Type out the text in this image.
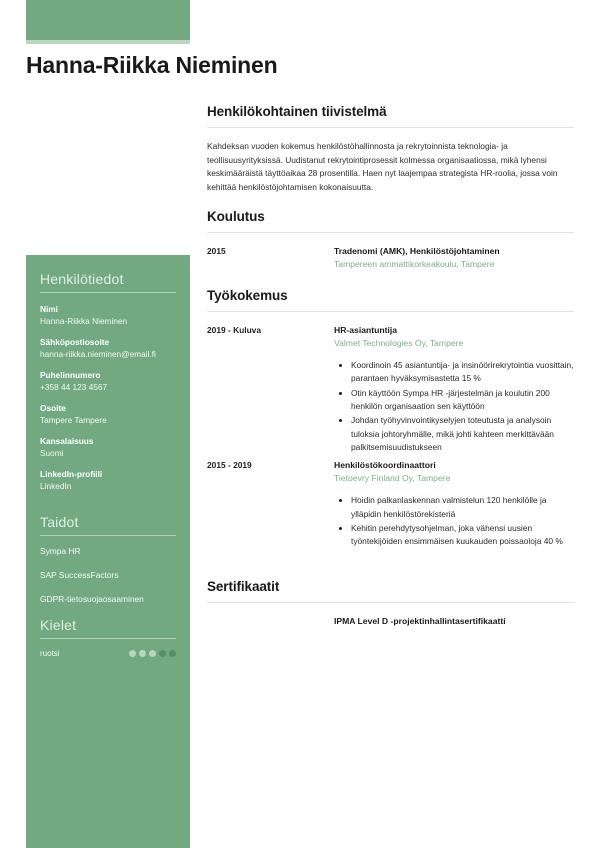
Hanna-Riikka Nieminen
Henkilötiedot
Nimi
Hanna-Riikka Nieminen
Sähköpostiosoite
hanna-riikka.nieminen@email.fi
Puhelinnumero
+358 44 123 4567
Osoite
Tampere Tampere
Kansalaisuus
Suomi
LinkedIn-profiili
LinkedIn
Taidot
Sympa HR
SAP SuccessFactors
GDPR-tietosuojaosaaminen
Kielet
ruotsi
Henkilökohtainen tiivistelmä

Kahdeksan vuoden kokemus henkilöstöhallinnosta ja rekrytoinnista teknologia- ja teollisuusyrityksissä. Uudistanut rekrytointiprosessit kolmessa organisaatiossa, mikä lyhensi keskimääräistä täyttöaikaa 28 prosentilla. Haen nyt laajempaa strategista HR-roolia, jossa voin kehittää henkilöstöjohtamisen kokonaisuutta.

Koulutus
2015	Tradenomi (AMK), Henkilöstöjohtaminen
Tampereen ammattikorkeakoulu, Tampere
Työkokemus
2019 - Kuluva	HR-asiantuntija
Valmet Technologies Oy, Tampere
Koordinoin 45 asiantuntija- ja insinöörirekrytointia vuosittain, parantaen hyväksymisastetta 15 %
Otin käyttöön Sympa HR -järjestelmän ja koulutin 200 henkilön organisaation sen käyttöön
Johdan työhyvinvointikyselyjen toteutusta ja analysoin tuloksia johtoryhmälle, mikä johti kahteen merkittävään palkitsemisuudistukseen
2015 - 2019	Henkilöstökoordinaattori
Tietoevry Finland Oy, Tampere
Hoidin palkanlaskennan valmistelun 120 henkilölle ja ylläpidin henkilöstörekisteriä
Kehitin perehdytysohjelman, joka vähensi uusien työntekijöiden ensimmäisen kuukauden poissaoloja 40 %
Sertifikaatit
IPMA Level D -projektinhallintasertifikaatti
